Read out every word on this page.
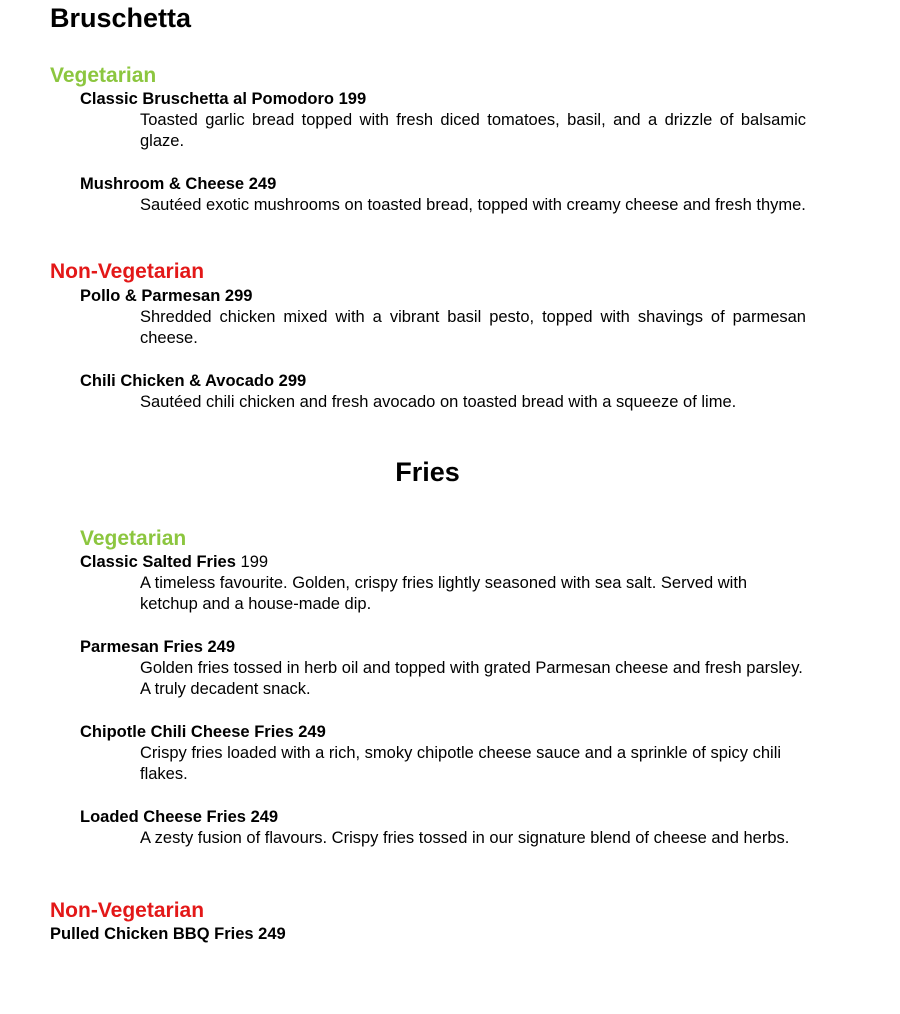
Bruschetta
Vegetarian
Classic Bruschetta al Pomodoro 199
Toasted garlic bread topped with fresh diced tomatoes, basil, and a drizzle of balsamic glaze.
Mushroom & Cheese 249
Sautéed exotic mushrooms on toasted bread, topped with creamy cheese and fresh thyme.
Non-Vegetarian
Pollo & Parmesan 299
Shredded chicken mixed with a vibrant basil pesto, topped with shavings of parmesan cheese.
Chili Chicken & Avocado 299
Sautéed chili chicken and fresh avocado on toasted bread with a squeeze of lime.
Fries
Vegetarian
Classic Salted Fries 199
A timeless favourite. Golden, crispy fries lightly seasoned with sea salt. Served with ketchup and a house-made dip.
Parmesan Fries 249
Golden fries tossed in herb oil and topped with grated Parmesan cheese and fresh parsley. A truly decadent snack.
Chipotle Chili Cheese Fries 249
Crispy fries loaded with a rich, smoky chipotle cheese sauce and a sprinkle of spicy chili flakes.
Loaded Cheese Fries 249
A zesty fusion of flavours. Crispy fries tossed in our signature blend of cheese and herbs.
Non-Vegetarian
Pulled Chicken BBQ Fries 249
